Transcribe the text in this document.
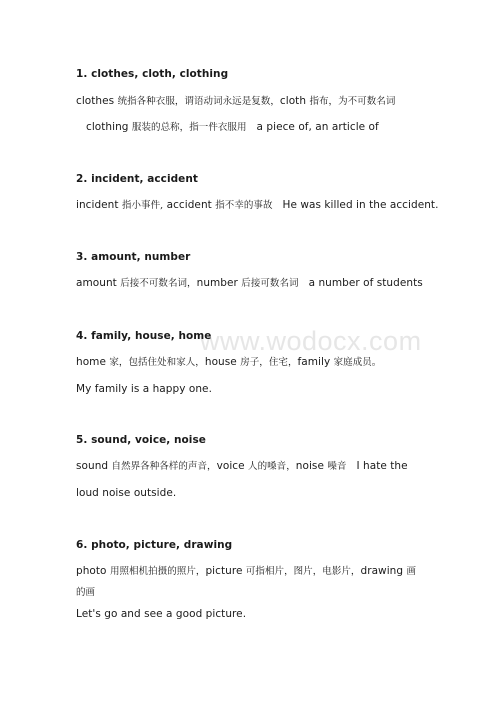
www.wodocx.com
1. clothes, cloth, clothing
clothes 统指各种衣服，谓语动词永远是复数，cloth 指布，为不可数名词
clothing 服装的总称，指一件衣服用 a piece of, an article of
2. incident, accident
incident 指小事件, accident 指不幸的事故 He was killed in the accident.
3. amount, number
amount 后接不可数名词，number 后接可数名词 a number of students
4. family, house, home
home 家，包括住处和家人，house 房子，住宅，family 家庭成员。
My family is a happy one.
5. sound, voice, noise
sound 自然界各种各样的声音，voice 人的嗓音，noise 噪音 I hate the
loud noise outside.
6. photo, picture, drawing
photo 用照相机拍摄的照片，picture 可指相片，图片，电影片，drawing 画
的画
Let's go and see a good picture.
